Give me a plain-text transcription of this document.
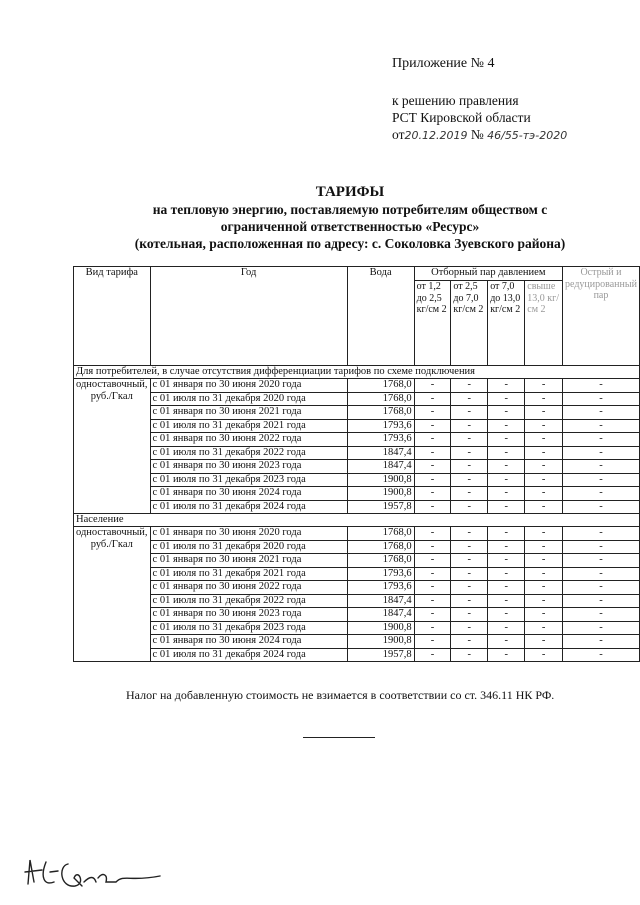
Приложение № 4
к решению правления
РСТ Кировской области
от20.12.2019 № 46/55-тэ-2020
ТАРИФЫ
на тепловую энергию, поставляемую потребителям обществом с
ограниченной ответственностью «Ресурс»
(котельная, расположенная по адресу: с. Соколовка Зуевского района)
Вид тарифа	Год	Вода	Отборный пар давлением				Острый и редуцированный пар
			от 1,2 до 2,5 кг/см 2	от 2,5 до 7,0 кг/см 2	от 7,0 до 13,0 кг/см 2	свыше 13,0 кг/см 2	
Для потребителей, в случае отсутствия дифференциации тарифов по схеме подключения							
одноставочный, руб./Гкал	с 01 января по 30 июня 2020 года	1768,0	-	-	-	-	-
	с 01 июля по 31 декабря 2020 года	1768,0	-	-	-	-	-
	с 01 января по 30 июня 2021 года	1768,0	-	-	-	-	-
	с 01 июля по 31 декабря 2021 года	1793,6	-	-	-	-	-
	с 01 января по 30 июня 2022 года	1793,6	-	-	-	-	-
	с 01 июля по 31 декабря 2022 года	1847,4	-	-	-	-	-
	с 01 января по 30 июня 2023 года	1847,4	-	-	-	-	-
	с 01 июля по 31 декабря 2023 года	1900,8	-	-	-	-	-
	с 01 января по 30 июня 2024 года	1900,8	-	-	-	-	-
	с 01 июля по 31 декабря 2024 года	1957,8	-	-	-	-	-
Население							
одноставочный, руб./Гкал	с 01 января по 30 июня 2020 года	1768,0	-	-	-	-	-
	с 01 июля по 31 декабря 2020 года	1768,0	-	-	-	-	-
	с 01 января по 30 июня 2021 года	1768,0	-	-	-	-	-
	с 01 июля по 31 декабря 2021 года	1793,6	-	-	-	-	-
	с 01 января по 30 июня 2022 года	1793,6	-	-	-	-	-
	с 01 июля по 31 декабря 2022 года	1847,4	-	-	-	-	-
	с 01 января по 30 июня 2023 года	1847,4	-	-	-	-	-
	с 01 июля по 31 декабря 2023 года	1900,8	-	-	-	-	-
	с 01 января по 30 июня 2024 года	1900,8	-	-	-	-	-
	с 01 июля по 31 декабря 2024 года	1957,8	-	-	-	-	-
Налог на добавленную стоимость не взимается в соответствии со ст. 346.11 НК РФ.
